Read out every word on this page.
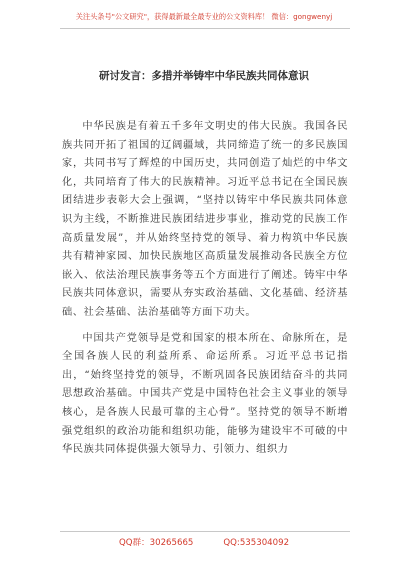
关注头条号"公文研究"，获得最新最全最专业的公文资料库！ 微信：gongwenyj
研讨发言：多措并举铸牢中华民族共同体意识

中华民族是有着五千多年文明史的伟大民族。我国各民族共同开拓了祖国的辽阔疆域，共同缔造了统一的多民族国家，共同书写了辉煌的中国历史，共同创造了灿烂的中华文化，共同培育了伟大的民族精神。习近平总书记在全国民族团结进步表彰大会上强调，“坚持以铸牢中华民族共同体意识为主线，不断推进民族团结进步事业，推动党的民族工作高质量发展”，并从始终坚持党的领导、着力构筑中华民族共有精神家园、加快民族地区高质量发展推动各民族全方位嵌入、依法治理民族事务等五个方面进行了阐述。铸牢中华民族共同体意识，需要从夯实政治基础、文化基础、经济基础、社会基础、法治基础等方面下功夫。

中国共产党领导是党和国家的根本所在、命脉所在，是全国各族人民的利益所系、命运所系。习近平总书记指出，“始终坚持党的领导，不断巩固各民族团结奋斗的共同思想政治基础。中国共产党是中国特色社会主义事业的领导核心，是各族人民最可靠的主心骨”。坚持党的领导不断增强党组织的政治功能和组织功能，能够为建设牢不可破的中华民族共同体提供强大领导力、引领力、组织力

QQ群：30265665	QQ:535304092
